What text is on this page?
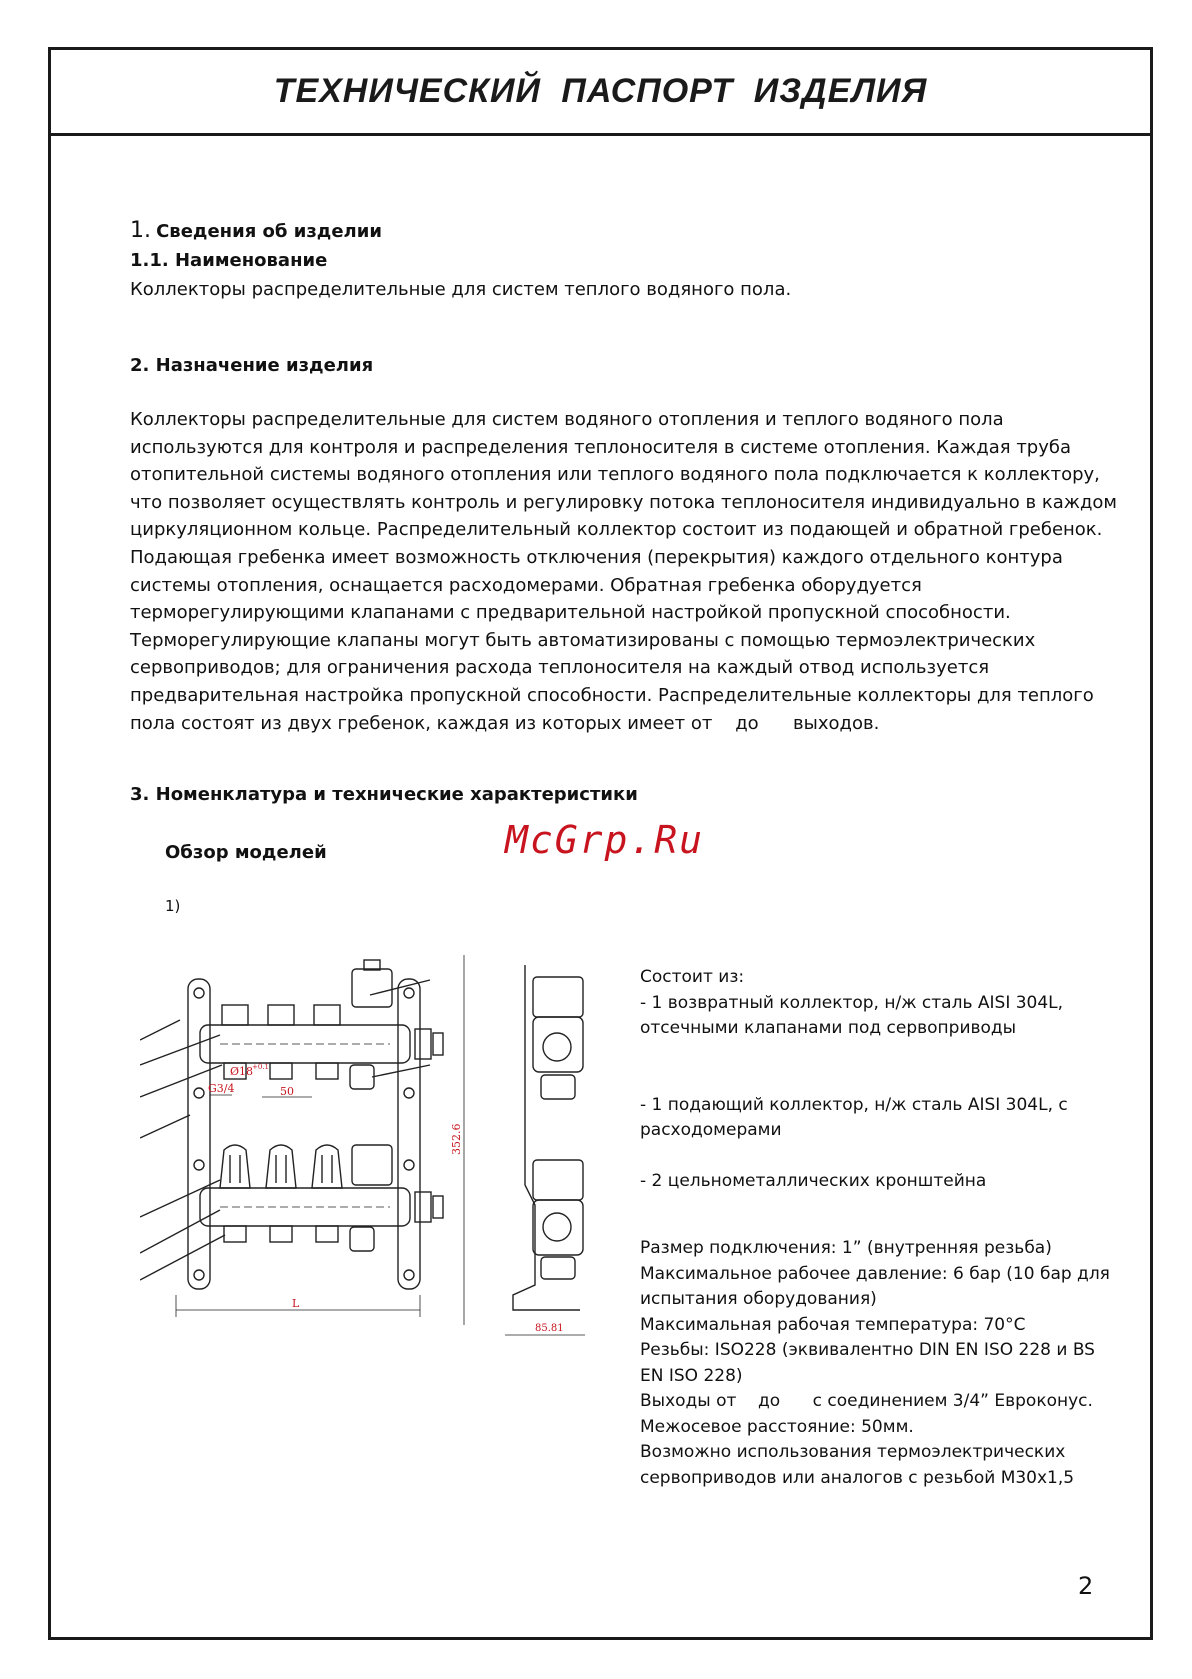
ТЕХНИЧЕСКИЙ ПАСПОРТ ИЗДЕЛИЯ
1. Сведения об изделии
1.1. Наименование
Коллекторы распределительные для систем теплого водяного пола.
2. Назначение изделия
Коллекторы распределительные для систем водяного отопления и теплого водяного пола
используются для контроля и распределения теплоносителя в системе отопления. Каждая труба
отопительной системы водяного отопления или теплого водяного пола подключается к коллектору,
что позволяет осуществлять контроль и регулировку потока теплоносителя индивидуально в каждом
циркуляционном кольце. Распределительный коллектор состоит из подающей и обратной гребенок.
Подающая гребенка имеет возможность отключения (перекрытия) каждого отдельного контура
системы отопления, оснащается расходомерами. Обратная гребенка оборудуется
терморегулирующими клапанами с предварительной настройкой пропускной способности.
Терморегулирующие клапаны могут быть автоматизированы с помощью термоэлектрических
сервоприводов; для ограничения расхода теплоносителя на каждый отвод используется
предварительная настройка пропускной способности. Распределительные коллекторы для теплого
пола состоят из двух гребенок, каждая из которых имеет от    до      выходов.
3. Номенклатура и технические характеристики
Обзор моделей	McGrp.Ru
1)
G3/4
Ø18
+0.1
50
L
352.6
85.81

Состоит из:

- 1 возвратный коллектор, н/ж сталь AISI 304L, отсечными клапанами под сервоприводы

- 1 подающий коллектор, н/ж сталь AISI 304L, с расходомерами

- 2 цельнометаллических кронштейна

Размер подключения: 1” (внутренняя резьба)

Максимальное рабочее давление: 6 бар (10 бар для испытания оборудования)

Максимальная рабочая температура: 70°С

Резьбы: ISO228 (эквивалентно DIN EN ISO 228 и BS EN ISO 228)

Выходы от    до      с соединением 3/4” Евроконус.

Межосевое расстояние: 50мм.

Возможно использования термоэлектрических сервоприводов или аналогов с резьбой М30х1,5

2
